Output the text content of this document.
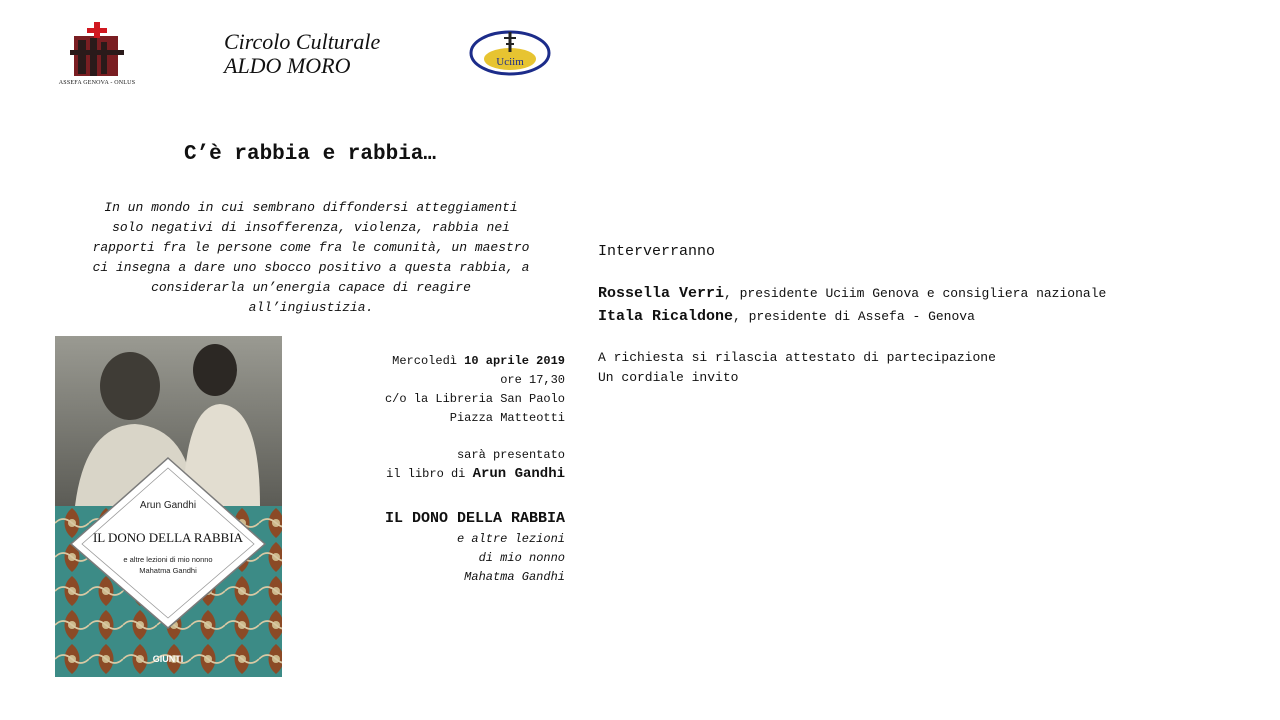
ASSEFA GENOVA - ONLUS
Circolo Culturale
ALDO MORO	Uciim
C’è rabbia e rabbia…
In un mondo in cui sembrano diffondersi atteggiamenti
solo negativi di insofferenza, violenza, rabbia nei
rapporti fra le persone come fra le comunità, un maestro
ci insegna a dare uno sbocco positivo a questa rabbia, a
considerarla un’energia capace di reagire
all’ingiustizia.
Arun Gandhi
IL DONO DELLA RABBIA
e altre lezioni di mio nonno
Mahatma Gandhi
GIUNTI
Mercoledì 10 aprile 2019
ore 17,30
c/o la Libreria San Paolo
Piazza Matteotti
sarà presentato
il libro di Arun Gandhi
IL DONO DELLA RABBIA
e altre lezioni
di mio nonno
Mahatma Gandhi
Interverranno
Rossella Verri, presidente Uciim Genova e consigliera nazionale
Itala Ricaldone, presidente di Assefa - Genova
A richiesta si rilascia attestato di partecipazione
Un cordiale invito
